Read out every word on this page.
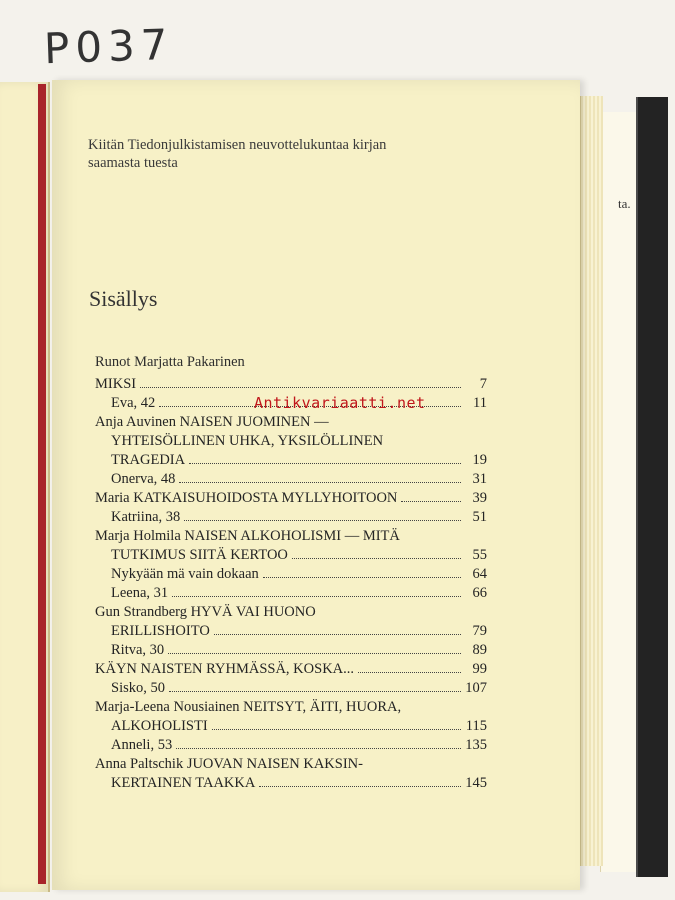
P037
ta.
Kiitän Tiedonjulkistamisen neuvottelukuntaa kirjan
saamasta tuesta
Sisällys
Runot Marjatta Pakarinen
MIKSI	7
Eva, 42	11
Anja Auvinen NAISEN JUOMINEN —
YHTEISÖLLINEN UHKA, YKSILÖLLINEN
TRAGEDIA	19
Onerva, 48	31
Maria KATKAISUHOIDOSTA MYLLYHOITOON	39
Katriina, 38	51
Marja Holmila NAISEN ALKOHOLISMI — MITÄ
TUTKIMUS SIITÄ KERTOO	55
Nykyään mä vain dokaan	64
Leena, 31	66
Gun Strandberg HYVÄ VAI HUONO
ERILLISHOITO	79
Ritva, 30	89
KÄYN NAISTEN RYHMÄSSÄ, KOSKA...	99
Sisko, 50	107
Marja-Leena Nousiainen NEITSYT, ÄITI, HUORA,
ALKOHOLISTI	115
Anneli, 53	135
Anna Paltschik JUOVAN NAISEN KAKSIN-
KERTAINEN TAAKKA	145
Antikvariaatti.net
